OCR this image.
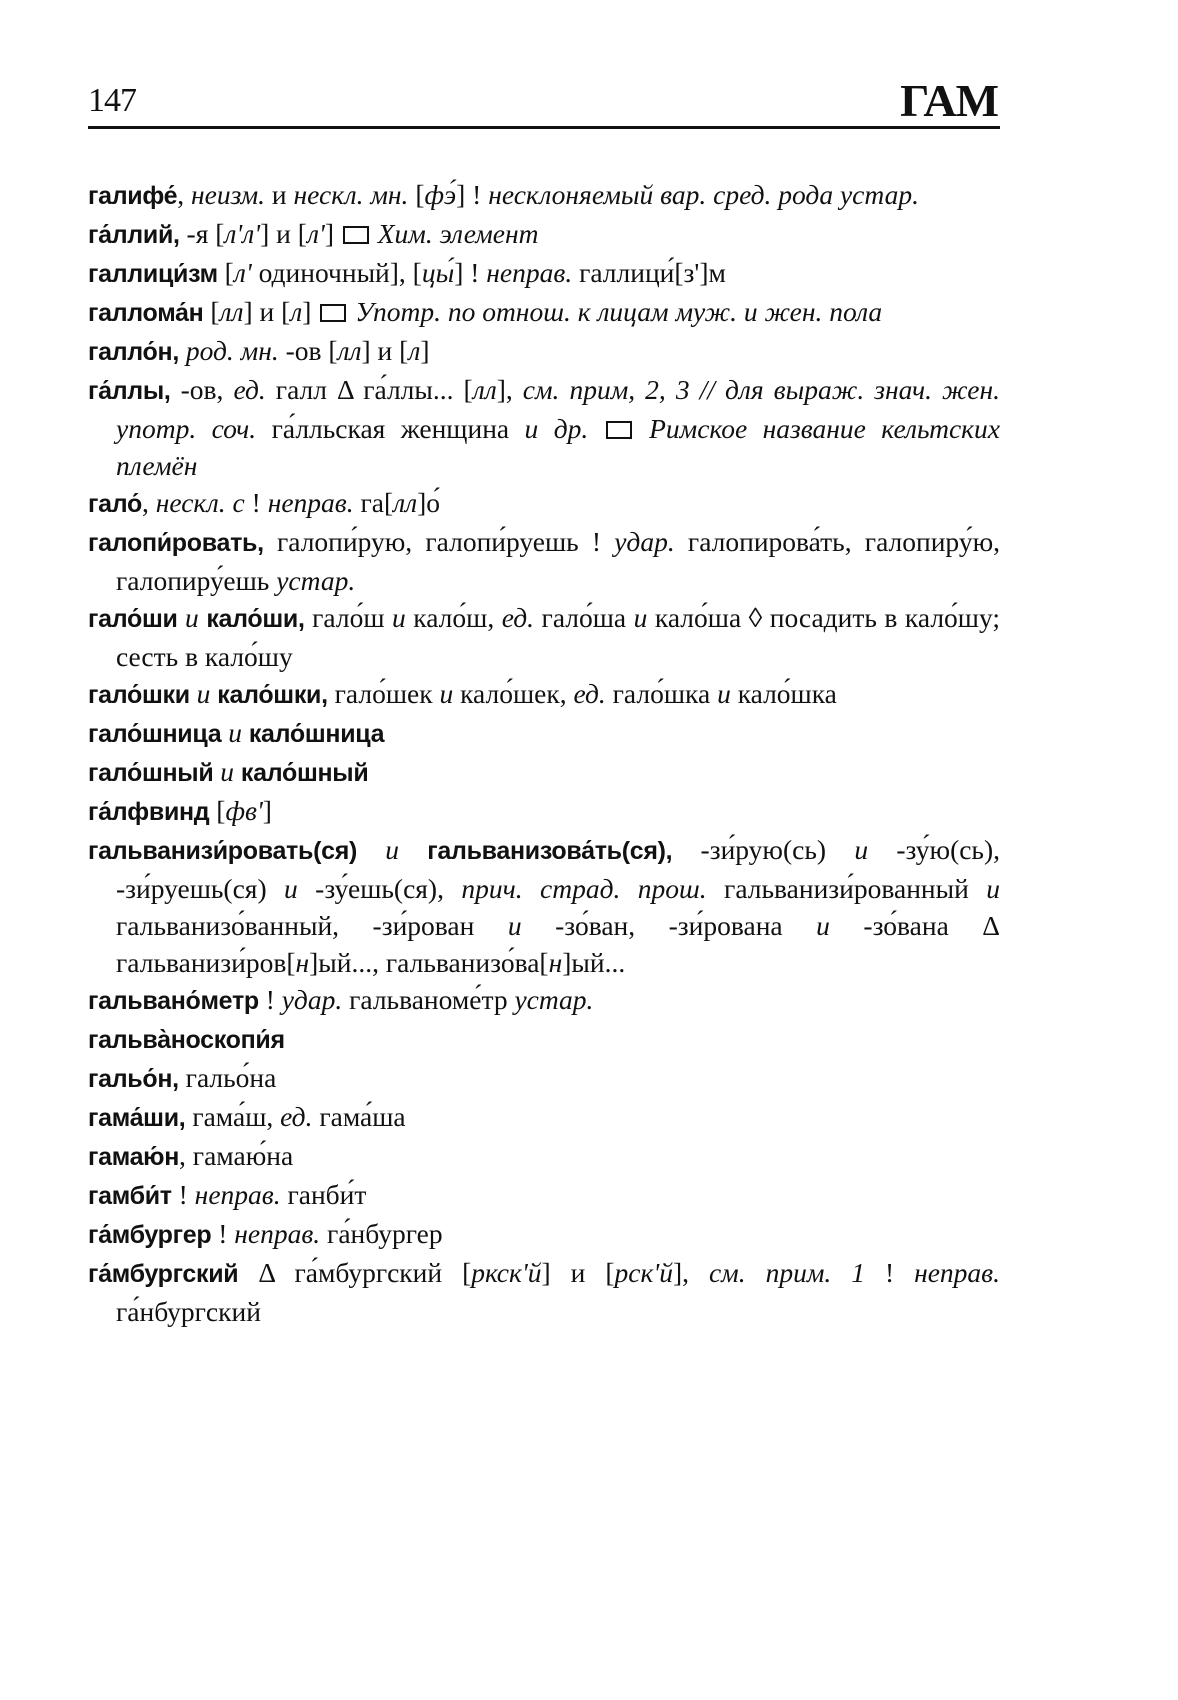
147	ГАМ
галифе́, неизм. и нескл. мн. [фэ́] ! несклоняемый вар. сред. рода устар.
га́ллий, -я [л'л'] и [л']  Хим. элемент
галлици́зм [л' одиночный], [цы́] ! неправ. галлици́[з']м
галлома́н [лл] и [л]  Употр. по отнош. к лицам муж. и жен. пола
галло́н, род. мн. -ов [лл] и [л]
га́ллы, -ов, ед. галл Δ га́ллы... [лл], см. прим, 2, 3 // для выраж. знач. жен. употр. соч. га́лльская женщина и др.  Римское название кельтских племён
гало́, нескл. с ! неправ. га[лл]о́
галопи́ровать, галопи́рую, галопи́руешь ! удар. галопирова́ть, галопиру́ю, галопиру́ешь устар.
гало́ши и кало́ши, гало́ш и кало́ш, ед. гало́ша и кало́ша ◊ посадить в кало́шу; сесть в кало́шу
гало́шки и кало́шки, гало́шек и кало́шек, ед. гало́шка и кало́шка
гало́шница и кало́шница
гало́шный и кало́шный
га́лфвинд [фв']
гальванизи́ровать(ся) и гальванизова́ть(ся), -зи́рую(сь) и -зу́ю(сь), -зи́руешь(ся) и -зу́ешь(ся), прич. страд. прош. гальванизи́рованный и гальванизо́ванный, -зи́рован и -зо́ван, -зи́рована и -зо́вана Δ гальванизи́ров[н]ый..., гальванизо́ва[н]ый...
гальвано́метр ! удар. гальваноме́тр устар.
гальва̀носкопи́я
гальо́н, гальо́на
гама́ши, гама́ш, ед. гама́ша
гамаю́н, гамаю́на
гамби́т ! неправ. ганби́т
га́мбургер ! неправ. га́нбургер
га́мбургский Δ га́мбургский [ркск'й] и [рск'й], см. прим. 1 ! неправ. га́нбургский
